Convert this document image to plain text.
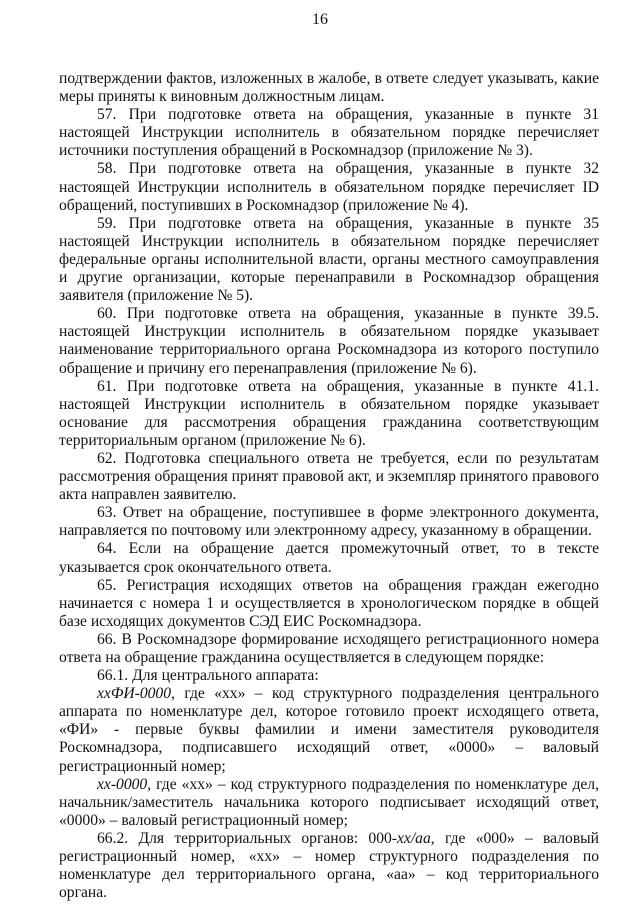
16

подтверждении фактов, изложенных в жалобе, в ответе следует указывать, какие меры приняты к виновным должностным лицам.

57. При подготовке ответа на обращения, указанные в пункте 31 настоящей Инструкции исполнитель в обязательном порядке перечисляет источники поступления обращений в Роскомнадзор (приложение № 3).

58. При подготовке ответа на обращения, указанные в пункте 32 настоящей Инструкции исполнитель в обязательном порядке перечисляет ID обращений, поступивших в Роскомнадзор (приложение № 4).

59. При подготовке ответа на обращения, указанные в пункте 35 настоящей Инструкции исполнитель в обязательном порядке перечисляет федеральные органы исполнительной власти, органы местного самоуправления и другие организации, которые перенаправили в Роскомнадзор обращения заявителя (приложение № 5).

60. При подготовке ответа на обращения, указанные в пункте 39.5. настоящей Инструкции исполнитель в обязательном порядке указывает наименование территориального органа Роскомнадзора из которого поступило обращение и причину его перенаправления (приложение № 6).

61. При подготовке ответа на обращения, указанные в пункте 41.1. настоящей Инструкции исполнитель в обязательном порядке указывает основание для рассмотрения обращения гражданина соответствующим территориальным органом (приложение № 6).

62. Подготовка специального ответа не требуется, если по результатам рассмотрения обращения принят правовой акт, и экземпляр принятого правового акта направлен заявителю.

63. Ответ на обращение, поступившее в форме электронного документа, направляется по почтовому или электронному адресу, указанному в обращении.

64. Если на обращение дается промежуточный ответ, то в тексте указывается срок окончательного ответа.

65. Регистрация исходящих ответов на обращения граждан ежегодно начинается с номера 1 и осуществляется в хронологическом порядке в общей базе исходящих документов СЭД ЕИС Роскомнадзора.

66. В Роскомнадзоре формирование исходящего регистрационного номера ответа на обращение гражданина осуществляется в следующем порядке:

66.1. Для центрального аппарата:

ххФИ-0000, где «хх» – код структурного подразделения центрального аппарата по номенклатуре дел, которое готовило проект исходящего ответа, «ФИ» - первые буквы фамилии и имени заместителя руководителя Роскомнадзора, подписавшего исходящий ответ, «0000» – валовый регистрационный номер;

хх-0000, где «хх» – код структурного подразделения по номенклатуре дел, начальник/заместитель начальника которого подписывает исходящий ответ, «0000» – валовый регистрационный номер;

66.2. Для территориальных органов: 000-хх/аа, где «000» – валовый регистрационный номер, «хх» – номер структурного подразделения по номенклатуре дел территориального органа, «аа» – код территориального органа.
